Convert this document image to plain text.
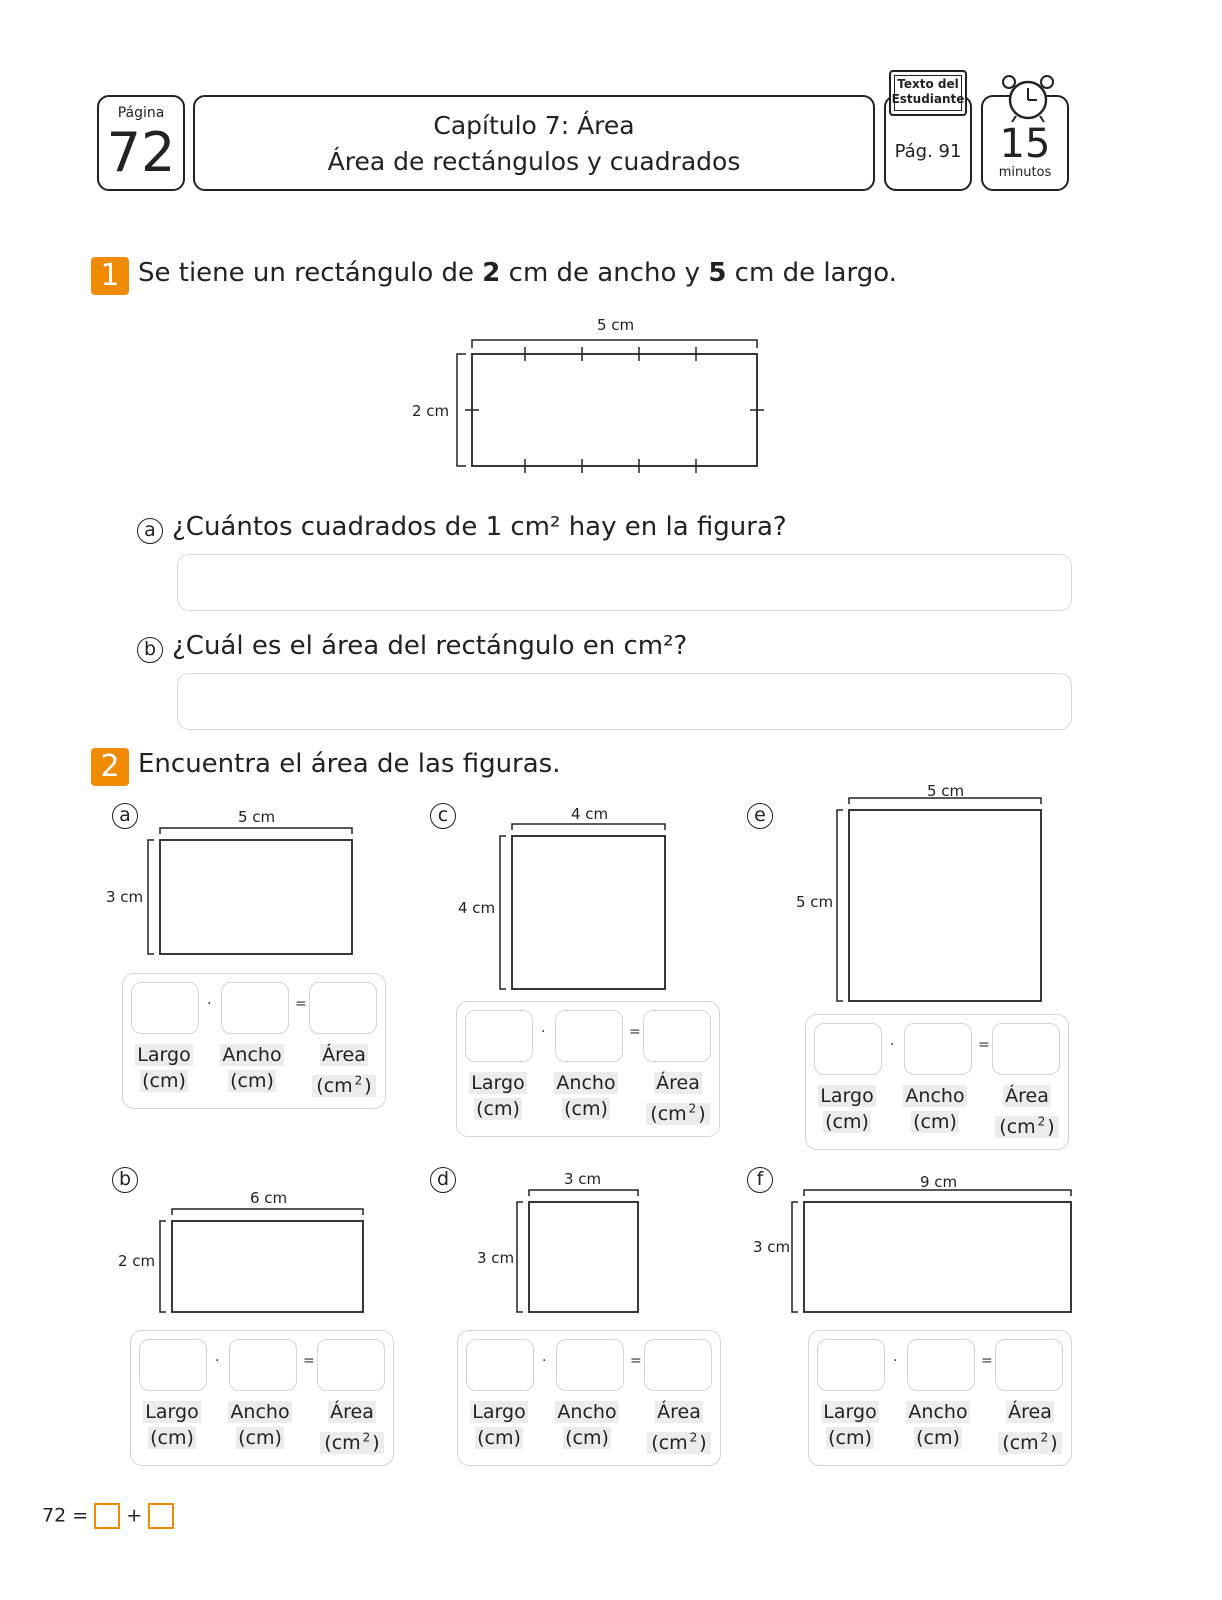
Página
72	Capítulo 7: Área
Área de rectángulos y cuadrados	Pág. 91
Texto del
Estudiante
15
minutos
1 Se tiene un rectángulo de 2 cm de ancho y 5 cm de largo.
5 cm
2 cm
a ¿Cuántos cuadrados de 1 cm² hay en la figura?
b ¿Cuál es el área del rectángulo en cm²?
2 Encuentra el área de las figuras.
a	5 cm
3 cm
c	4 cm
4 cm
e
5 cm
5 cm
b
6 cm
2 cm
d	3 cm
3 cm
f	9 cm
3 cm
·	=
Largo
(cm)
Ancho
(cm)
Área
(cm $^2$ )
·	=
Largo
(cm)
Ancho
(cm)
Área
(cm $^2$ )
·	=
Largo
(cm)
Ancho
(cm)
Área
(cm $^2$ )
·	=
Largo
(cm)
Ancho
(cm)
Área
(cm $^2$ )
·	=
Largo
(cm)
Ancho
(cm)
Área
(cm $^2$ )
·	=
Largo
(cm)
Ancho
(cm)
Área
(cm $^2$ )
72 = +
